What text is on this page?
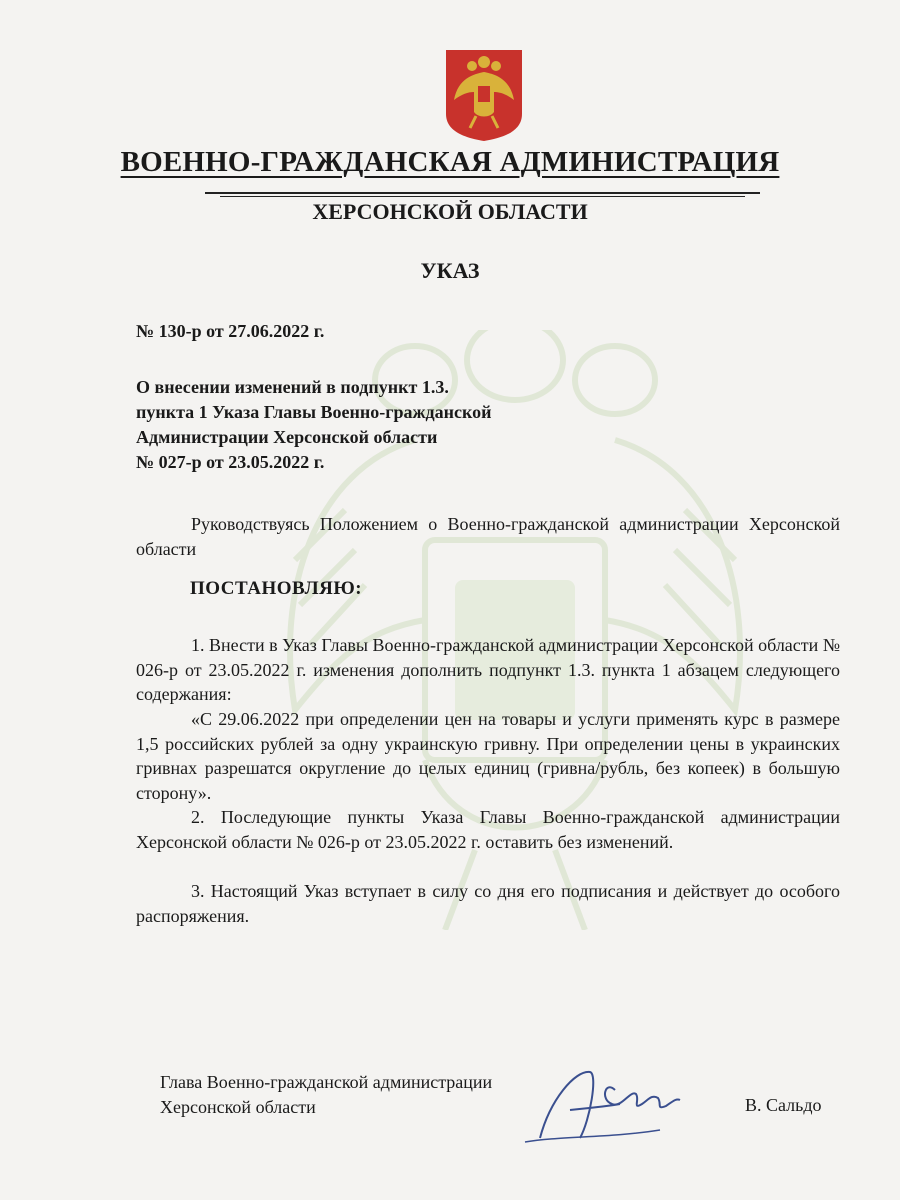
ВОЕННО-ГРАЖДАНСКАЯ АДМИНИСТРАЦИЯ
ХЕРСОНСКОЙ ОБЛАСТИ
УКАЗ
№ 130-р от 27.06.2022 г.
О внесении изменений в подпункт 1.3.
пункта 1 Указа Главы Военно-гражданской
Администрации Херсонской области
№ 027-р от 23.05.2022 г.
Руководствуясь Положением о Военно-гражданской администрации Херсонской области
ПОСТАНОВЛЯЮ:
1. Внести в Указ Главы Военно-гражданской администрации Херсонской области № 026-р от 23.05.2022 г. изменения дополнить подпункт 1.3. пункта 1 абзацем следующего содержания:
«С 29.06.2022 при определении цен на товары и услуги применять курс в размере 1,5 российских рублей за одну украинскую гривну. При определении цены в украинских гривнах разрешатся округление до целых единиц (гривна/рубль, без копеек) в большую сторону».
2. Последующие пункты Указа Главы Военно-гражданской администрации Херсонской области № 026-р от 23.05.2022 г. оставить без изменений.
3. Настоящий Указ вступает в силу со дня его подписания и действует до особого распоряжения.
Глава Военно-гражданской администрации
Херсонской области	В. Сальдо
